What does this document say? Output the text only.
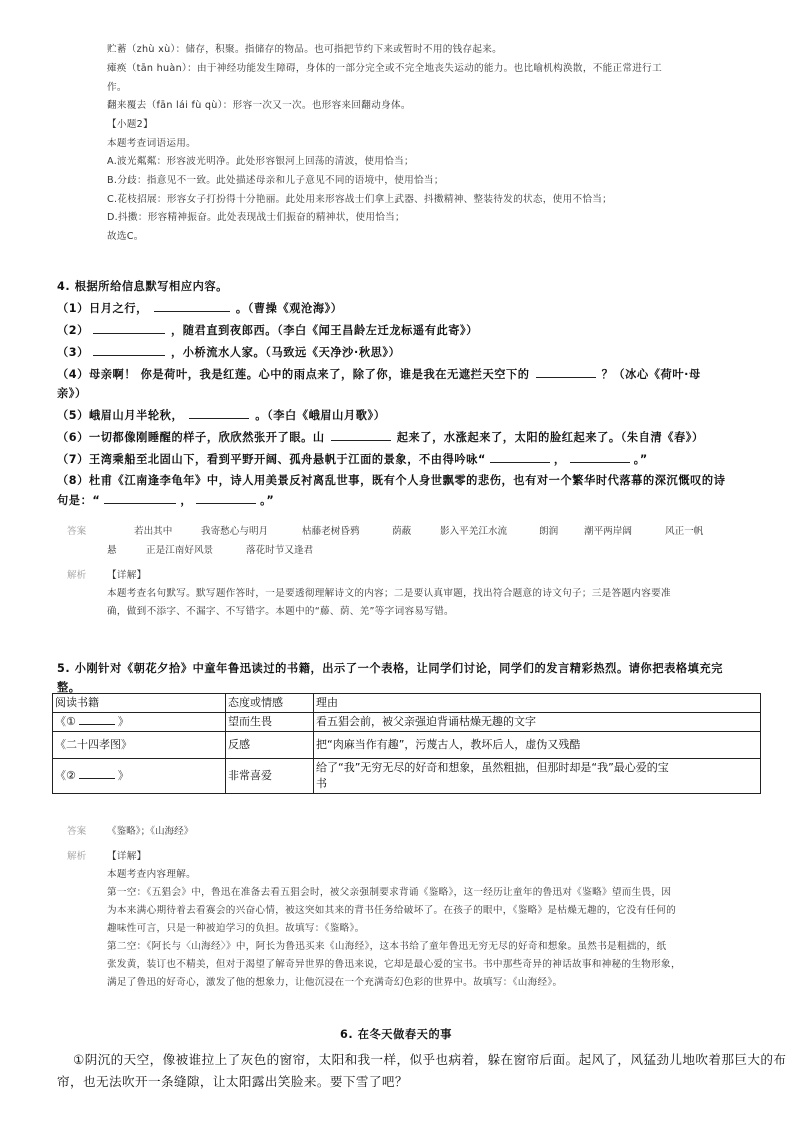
贮蓄（zhù xù）：储存，积聚。指储存的物品。也可指把节约下来或暂时不用的钱存起来。
瘫痪（tān huàn）：由于神经功能发生障碍，身体的一部分完全或不完全地丧失运动的能力。也比喻机构涣散，不能正常进行工
作。
翻来覆去（fān lái fù qù）：形容一次又一次。也形容来回翻动身体。
【小题2】
本题考查词语运用。
A.波光粼粼：形容波光明净。此处形容银河上回荡的清波，使用恰当；
B.分歧：指意见不一致。此处描述母亲和儿子意见不同的语境中，使用恰当；
C.花枝招展：形容女子打扮得十分艳丽。此处用来形容战士们拿上武器、抖擞精神、整装待发的状态，使用不恰当；
D.抖擞：形容精神振奋。此处表现战士们振奋的精神状，使用恰当；
故选C。
4. 根据所给信息默写相应内容。
（1）日月之行，	。（曹操《观沧海》）
（2）	，随君直到夜郎西。（李白《闻王昌龄左迁龙标遥有此寄》）
（3）	，小桥流水人家。（马致远《天净沙·秋思》）
（4）母亲啊！ 你是荷叶，我是红莲。心中的雨点来了，除了你，谁是我在无遮拦天空下的	？（冰心《荷叶·母
亲》）
（5）峨眉山月半轮秋，	。（李白《峨眉山月歌》）
（6）一切都像刚睡醒的样子，欣欣然张开了眼。山	起来了，水涨起来了，太阳的脸红起来了。（朱自清《春》）
（7）王湾乘船至北固山下，看到平野开阔、孤舟悬帆于江面的景象，不由得吟咏“	，	。”
（8）杜甫《江南逢李龟年》中，诗人用美景反衬离乱世事，既有个人身世飘零的悲伤，也有对一个繁华时代落幕的深沉慨叹的诗
句是：“	，	。”
答案	若出其中	我寄愁心与明月	枯藤老树昏鸦	荫蔽	影入平羌江水流	朗润	潮平两岸阔	风正一帆
悬	正是江南好风景	落花时节又逢君
解析 【详解】
本题考查名句默写。默写题作答时，一是要透彻理解诗文的内容；二是要认真审题，找出符合题意的诗文句子；三是答题内容要准
确，做到不添字、不漏字、不写错字。本题中的“藤、荫、羌”等字词容易写错。
5. 小刚针对《朝花夕拾》中童年鲁迅读过的书籍，出示了一个表格，让同学们讨论，同学们的发言精彩热烈。请你把表格填充完
整。
阅读书籍	态度或情感	理由
《① 》	望而生畏	看五猖会前，被父亲强迫背诵枯燥无趣的文字
《二十四孝图》	反感	把“肉麻当作有趣”，污蔑古人，教坏后人，虚伪又残酷
《② 》	非常喜爱	给了“我”无穷无尽的好奇和想象，虽然粗拙，但那时却是“我”最心爱的宝
书
答案 《鉴略》；《山海经》
解析 【详解】
本题考查内容理解。
第一空：《五猖会》中，鲁迅在准备去看五猖会时，被父亲强制要求背诵《鉴略》，这一经历让童年的鲁迅对《鉴略》望而生畏，因
为本来满心期待着去看赛会的兴奋心情，被这突如其来的背书任务给破坏了。在孩子的眼中，《鉴略》是枯燥无趣的，它没有任何的
趣味性可言，只是一种被迫学习的负担。故填写：《鉴略》。
第二空：《阿长与〈山海经〉》中，阿长为鲁迅买来《山海经》，这本书给了童年鲁迅无穷无尽的好奇和想象。虽然书是粗拙的，纸
张发黄，装订也不精美，但对于渴望了解奇异世界的鲁迅来说，它却是最心爱的宝书。书中那些奇异的神话故事和神秘的生物形象，
满足了鲁迅的好奇心，激发了他的想象力，让他沉浸在一个充满奇幻色彩的世界中。故填写：《山海经》。
6. 在冬天做春天的事
①阴沉的天空，像被谁拉上了灰色的窗帘，太阳和我一样，似乎也病着，躲在窗帘后面。起风了，风猛劲儿地吹着那巨大的布
帘，也无法吹开一条缝隙，让太阳露出笑脸来。要下雪了吧？
